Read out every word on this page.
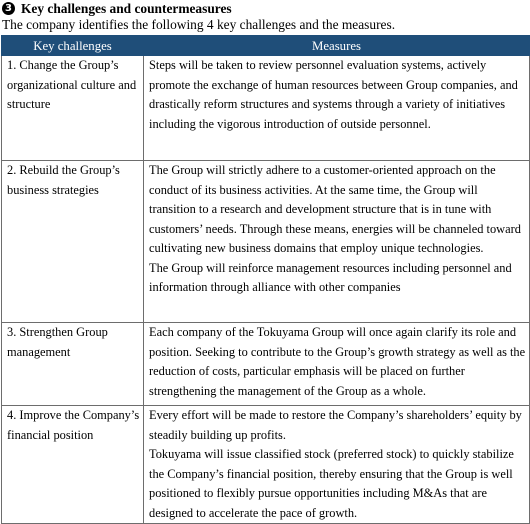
3 Key challenges and countermeasures
The company identifies the following 4 key challenges and the measures.
Key challenges	Measures
1. Change the Group’s organizational culture and structure	Steps will be taken to review personnel evaluation systems, actively promote the exchange of human resources between Group companies, and drastically reform structures and systems through a variety of initiatives including the vigorous introduction of outside personnel.

2. Rebuild the Group’s business strategies	The Group will strictly adhere to a customer-oriented approach on the conduct of its business activities. At the same time, the Group will transition to a research and development structure that is in tune with customers’ needs. Through these means, energies will be channeled toward cultivating new business domains that employ unique technologies.
The Group will reinforce management resources including personnel and information through alliance with other companies

3. Strengthen Group management	Each company of the Tokuyama Group will once again clarify its role and position. Seeking to contribute to the Group’s growth strategy as well as the reduction of costs, particular emphasis will be placed on further strengthening the management of the Group as a whole.

4. Improve the Company’s financial position	Every effort will be made to restore the Company’s shareholders’ equity by steadily building up profits.
Tokuyama will issue classified stock (preferred stock) to quickly stabilize the Company’s financial position, thereby ensuring that the Group is well positioned to flexibly pursue opportunities including M&As that are designed to accelerate the pace of growth.
